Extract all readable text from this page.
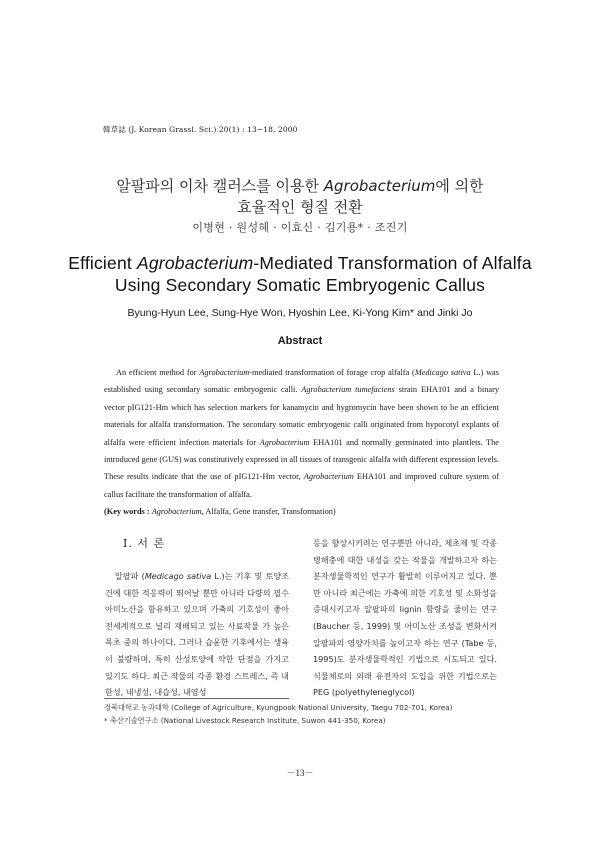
韓草誌 (J. Korean Grassl. Sci.) 20(1) : 13~18, 2000
알팔파의 이차 캘러스를 이용한 Agrobacterium에 의한
효율적인 형질 전환
이병현 · 원성혜 · 이효신 · 김기용* · 조진기
Efficient Agrobacterium-Mediated Transformation of Alfalfa
Using Secondary Somatic Embryogenic Callus
Byung-Hyun Lee, Sung-Hye Won, Hyoshin Lee, Ki-Yong Kim* and Jinki Jo
Abstract

An efficient method for Agrobacterium-mediated transformation of forage crop alfalfa (Medicago sativa L.) was established using secondary somatic embryogenic calli. Agrobacterium tumefaciens strain EHA101 and a binary vector pIG121-Hm which has selection markers for kanamycin and hygromycin have been shown to be an efficient materials for alfalfa transformation. The secondary somatic embryogenic calli originated from hypocotyl explants of alfalfa were efficient infection materials for Agrobacterium EHA101 and normally germinated into plantlets. The introduced gene (GUS) was constitutively expressed in all tissues of transgenic alfalfa with different expression levels. These results indicate that the use of pIG121-Hm vector, Agrobacterium EHA101 and improved culture system of callus facilitate the transformation of alfalfa.

(Key words : Agrobacterium, Alfalfa, Gene transfer, Transformation)

I. 서 론

알팔파 (Medicago sativa L.)는 기후 및 토양조건에 대한 적응력이 뛰어날 뿐만 아니라 다량의 필수 아미노산을 함유하고 있으며 가축의 기호성이 좋아 전세계적으로 널리 재배되고 있는 사료작물 가 높은 목초 중의 하나이다. 그러나 습윤한 기후에서는 생육이 불량하며, 특히 산성토양에 약한 단점을 가지고 있기도 하다. 최근 작물의 각종 환경 스트레스, 즉 내한성, 내냉성, 내습성, 내염성

등을 향상시키려는 연구뿐만 아니라, 제초제 및 각종 병해충에 대한 내성을 갖는 작물을 개발하고자 하는 분자생물학적인 연구가 활발히 이루어지고 있다. 뿐만 아니라 최근에는 가축에 의한 기호성 및 소화성을 증대시키고자 알팔파의 lignin 함량을 줄이는 연구 (Baucher 등, 1999) 및 아미노산 조성을 변화시켜 알팔파의 영양가치를 높이고자 하는 연구 (Tabe 등, 1995)도 분자생물학적인 기법으로 시도되고 있다. 식물체로의 외래 유전자의 도입을 위한 기법으로는 PEG (polyethyleneglycol)

경북대학교 농과대학 (College of Agriculture, Kyungpook National University, Taegu 702-701, Korea)
* 축산기술연구소 (National Livestock Research Institute, Suwon 441-350, Korea)
－13－
